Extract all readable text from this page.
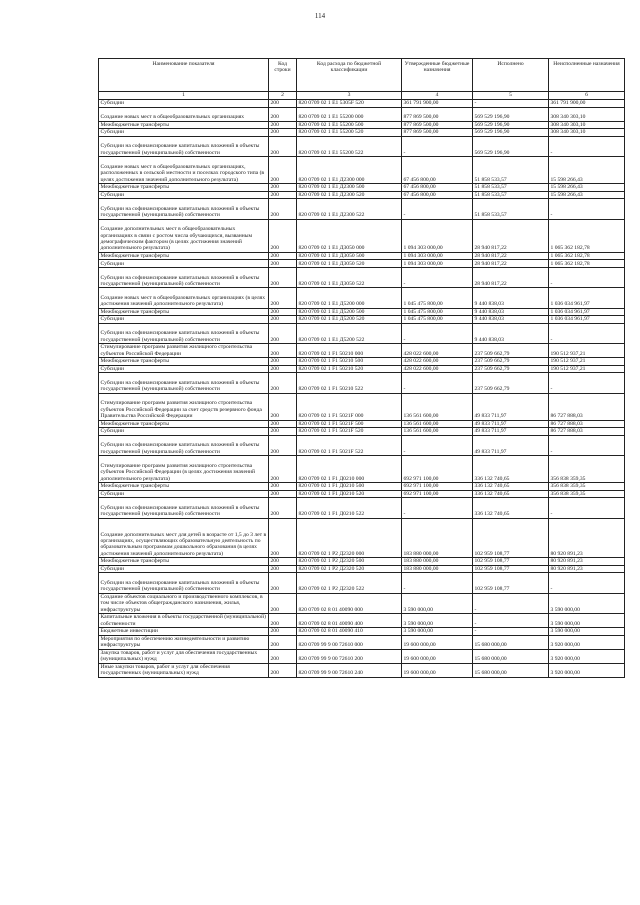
114
Наименование показателя	Код строки	Код расхода по бюджетной классификации	Утвержденные бюджетные назначения	Исполнено	Неисполненные назначения
1	2	3	4	5	6
Субсидии	200	820 0709 02 1 Е1 5305F 520	361 791 900,00	-	361 791 900,00
Создание новых мест в общеобразовательных организациях	200	820 0709 02 1 Е1 55200 000	877 869 500,00	569 529 196,90	308 340 303,10
Межбюджетные трансферты	200	820 0709 02 1 Е1 55200 500	877 869 500,00	569 529 196,90	308 340 303,10
Субсидии	200	820 0709 02 1 Е1 55200 520	877 869 500,00	569 529 196,90	308 340 303,10
Субсидии на софинансирование капитальных вложений в объекты государственной (муниципальной) собственности	200	820 0709 02 1 Е1 55200 522	-	569 529 196,90	-
Создание новых мест в общеобразовательных организациях, расположенных в сельской местности и поселках городского типа (в целях достижения значений дополнительного результата)	200	820 0709 02 1 Е1 Д2300 000	67 456 800,00	51 858 533,57	15 598 266,43
Межбюджетные трансферты	200	820 0709 02 1 Е1 Д2300 500	67 456 800,00	51 858 533,57	15 598 266,43
Субсидии	200	820 0709 02 1 Е1 Д2300 520	67 456 800,00	51 858 533,57	15 598 266,43
Субсидии на софинансирование капитальных вложений в объекты государственной (муниципальной) собственности	200	820 0709 02 1 Е1 Д2300 522	-	51 858 533,57	-
Создание дополнительных мест в общеобразовательных организациях в связи с ростом числа обучающихся, вызванным демографическим фактором (в целях достижения значений дополнительного результата)	200	820 0709 02 1 Е1 Д3050 000	1 094 303 000,00	28 940 817,22	1 065 362 182,78
Межбюджетные трансферты	200	820 0709 02 1 Е1 Д3050 500	1 094 303 000,00	28 940 817,22	1 065 362 182,78
Субсидии	200	820 0709 02 1 Е1 Д3050 520	1 094 303 000,00	28 940 817,22	1 065 362 182,78
Субсидии на софинансирование капитальных вложений в объекты государственной (муниципальной) собственности	200	820 0709 02 1 Е1 Д3050 522	-	28 940 817,22	-
Создание новых мест в общеобразовательных организациях (в целях достижения значений дополнительного результата)	200	820 0709 02 1 Е1 Д5200 000	1 045 475 800,00	9 440 838,03	1 036 034 961,97
Межбюджетные трансферты	200	820 0709 02 1 Е1 Д5200 500	1 045 475 800,00	9 440 838,03	1 036 034 961,97
Субсидии	200	820 0709 02 1 Е1 Д5200 520	1 045 475 800,00	9 440 838,03	1 036 034 961,97
Субсидии на софинансирование капитальных вложений в объекты государственной (муниципальной) собственности	200	820 0709 02 1 Е1 Д5200 522	-	9 440 838,03	-
Стимулирование программ развития жилищного строительства субъектов Российской Федерации	200	820 0709 02 1 F1 50210 000	428 022 600,00	237 509 662,79	190 512 937,21
Межбюджетные трансферты	200	820 0709 02 1 F1 50210 500	428 022 600,00	237 509 662,79	190 512 937,21
Субсидии	200	820 0709 02 1 F1 50210 520	428 022 600,00	237 509 662,79	190 512 937,21
Субсидии на софинансирование капитальных вложений в объекты государственной (муниципальной) собственности	200	820 0709 02 1 F1 50210 522	-	237 509 662,79	-
Стимулирование программ развития жилищного строительства субъектов Российской Федерации за счет средств резервного фонда Правительства Российской Федерации	200	820 0709 02 1 F1 5021F 000	136 561 600,00	49 833 711,97	86 727 888,03
Межбюджетные трансферты	200	820 0709 02 1 F1 5021F 500	136 561 600,00	49 833 711,97	86 727 888,03
Субсидии	200	820 0709 02 1 F1 5021F 520	136 561 600,00	49 833 711,97	86 727 888,03
Субсидии на софинансирование капитальных вложений в объекты государственной (муниципальной) собственности	200	820 0709 02 1 F1 5021F 522	-	49 833 711,97	-
Стимулирование программ развития жилищного строительства субъектов Российской Федерации (в целях достижения значений дополнительного результата)	200	820 0709 02 1 F1 Д0210 000	692 971 100,00	336 132 740,65	356 838 359,35
Межбюджетные трансферты	200	820 0709 02 1 F1 Д0210 500	692 971 100,00	336 132 740,65	356 838 359,35
Субсидии	200	820 0709 02 1 F1 Д0210 520	692 971 100,00	336 132 740,65	356 838 359,35
Субсидии на софинансирование капитальных вложений в объекты государственной (муниципальной) собственности	200	820 0709 02 1 F1 Д0210 522	-	336 132 740,65	-
Создание дополнительных мест для детей в возрасте от 1,5 до 3 лет в организациях, осуществляющих образовательную деятельность по образовательным программам дошкольного образования (в целях достижения значений дополнительного результата)	200	820 0709 02 1 Р2 Д2320 000	183 880 000,00	102 959 108,77	80 920 891,23
Межбюджетные трансферты	200	820 0709 02 1 Р2 Д2320 500	183 880 000,00	102 959 108,77	80 920 891,23
Субсидии	200	820 0709 02 1 Р2 Д2320 520	183 880 000,00	102 959 108,77	80 920 891,23
Субсидии на софинансирование капитальных вложений в объекты государственной (муниципальной) собственности	200	820 0709 02 1 Р2 Д2320 522	-	102 959 108,77	-
Создание объектов социального и производственного комплексов, в том числе объектов общегражданского назначения, жилья, инфраструктуры	200	820 0709 02 8 01 40090 000	3 590 000,00	-	3 590 000,00
Капитальные вложения в объекты государственной (муниципальной) собственности	200	820 0709 02 8 01 40090 400	3 590 000,00	-	3 590 000,00
Бюджетные инвестиции	200	820 0709 02 8 01 40090 410	3 590 000,00	-	3 590 000,00
Мероприятия по обеспечению жизнедеятельности и развитию инфраструктуры	200	820 0709 99 9 00 72610 000	19 600 000,00	15 680 000,00	3 920 000,00
Закупка товаров, работ и услуг для обеспечения государственных (муниципальных) нужд	200	820 0709 99 9 00 72610 200	19 600 000,00	15 680 000,00	3 920 000,00
Иные закупки товаров, работ и услуг для обеспечения государственных (муниципальных) нужд	200	820 0709 99 9 00 72610 240	19 600 000,00	15 680 000,00	3 920 000,00
